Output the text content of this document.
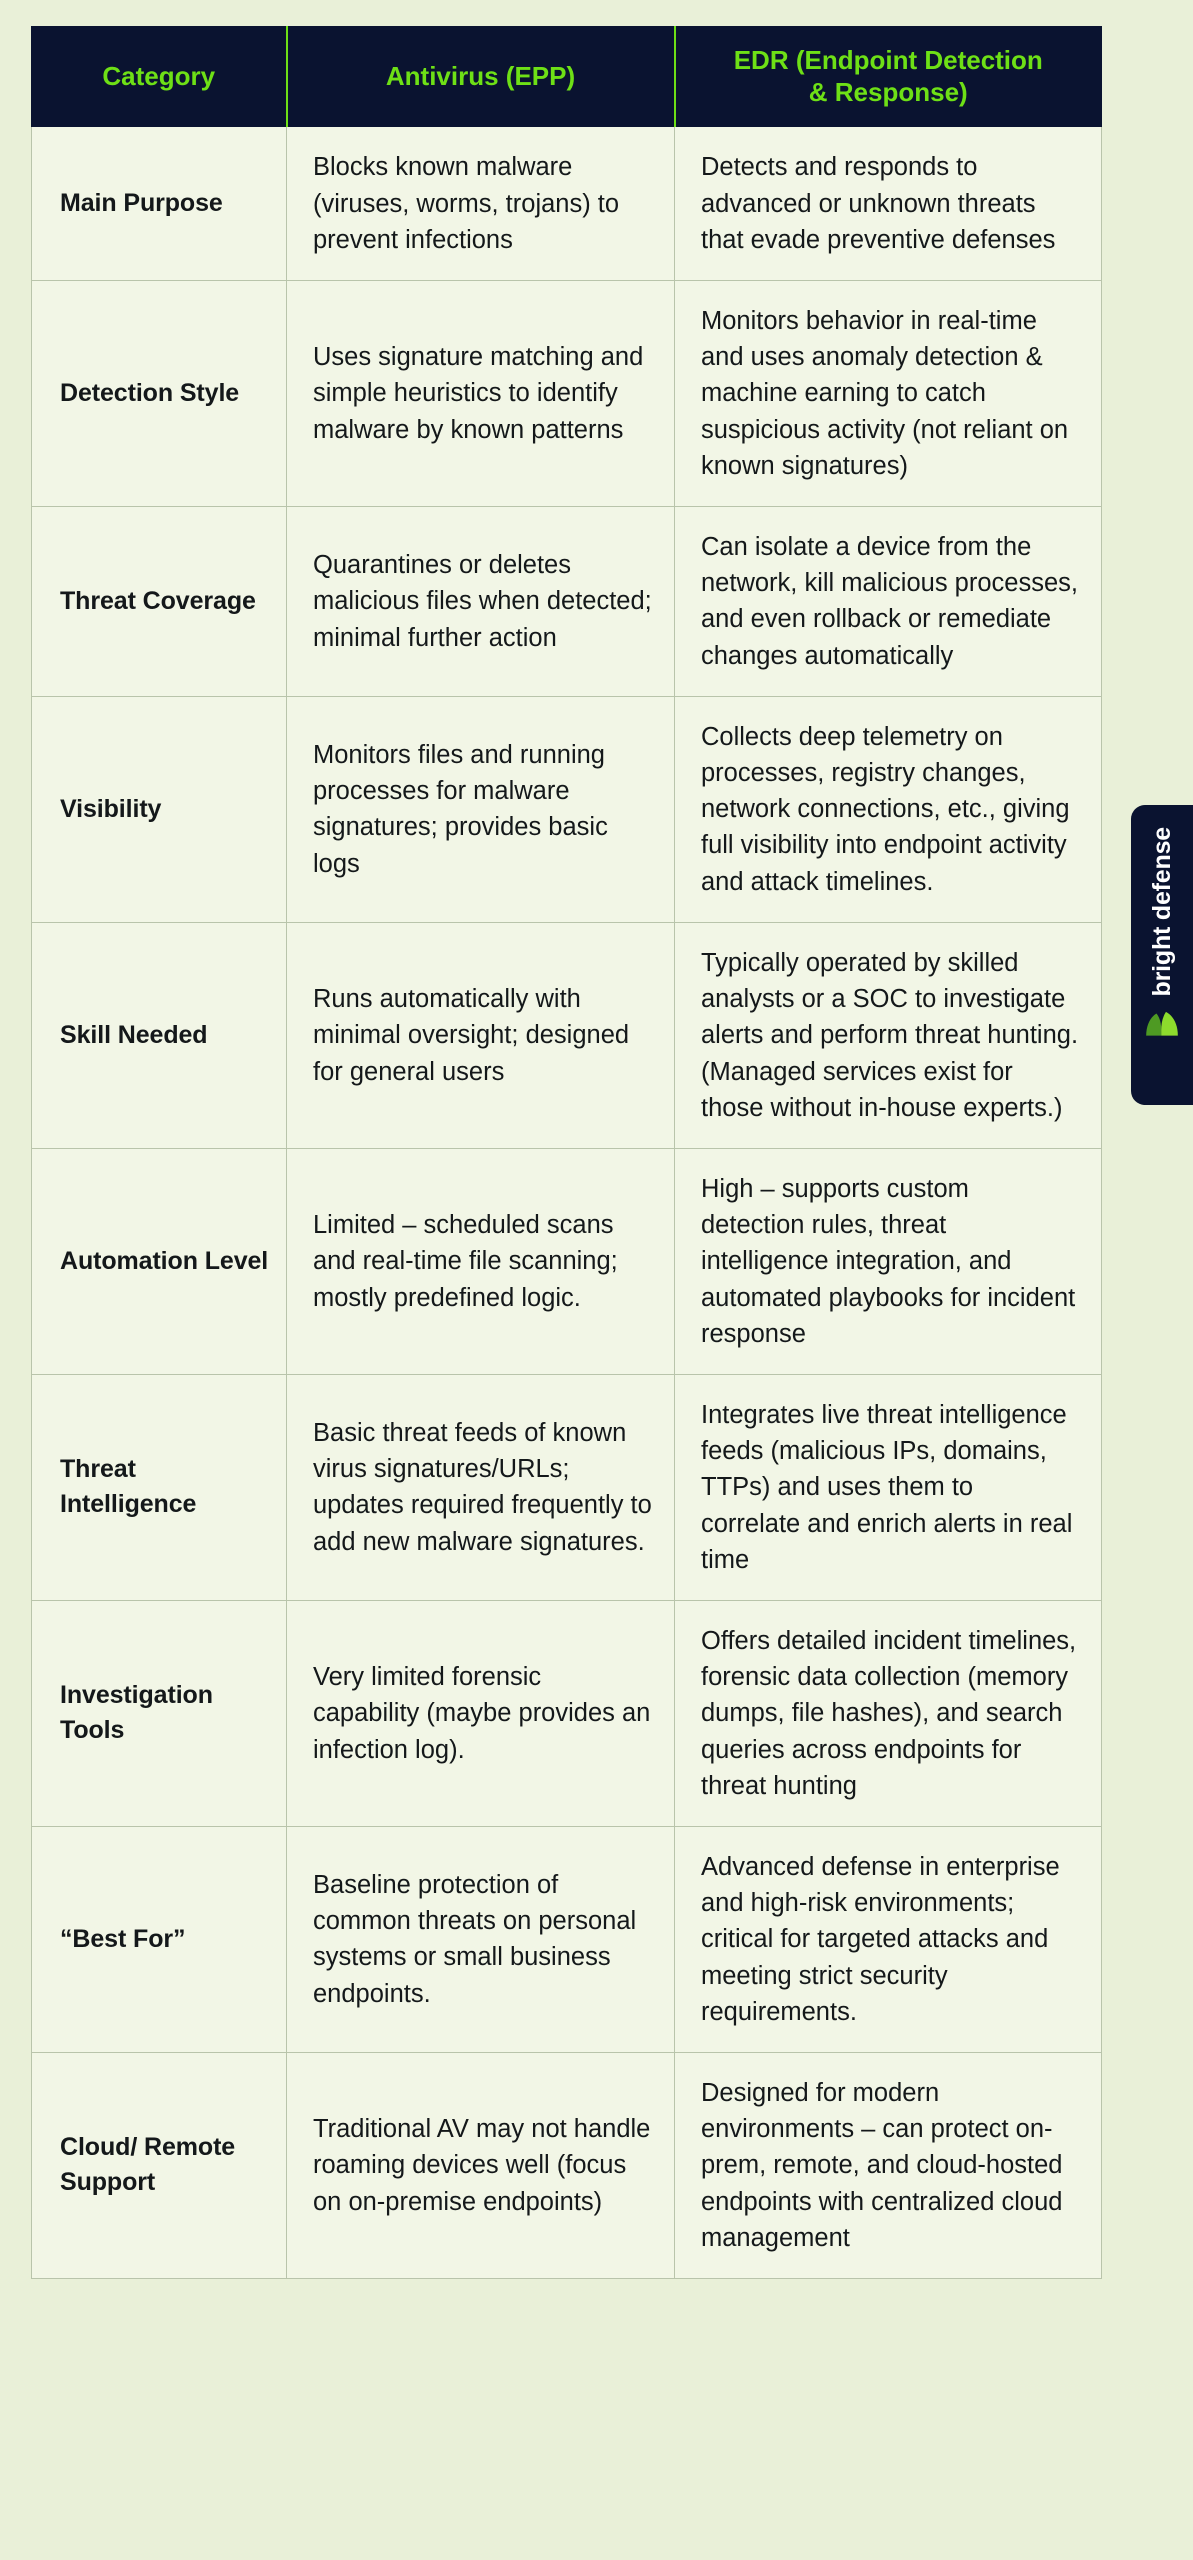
Category	Antivirus (EPP)	EDR (Endpoint Detection
& Response)
Main Purpose	Blocks known malware (viruses, worms, trojans) to prevent infections	Detects and responds to advanced or unknown threats that evade preventive defenses
Detection Style	Uses signature matching and simple heuristics to identify malware by known patterns	Monitors behavior in real-time and uses anomaly detection & machine earning to catch suspicious activity (not reliant on known signatures)
Threat Coverage	Quarantines or deletes malicious files when detected; minimal further action	Can isolate a device from the network, kill malicious processes, and even rollback or remediate changes automatically
Visibility	Monitors files and running processes for malware signatures; provides basic logs	Collects deep telemetry on processes, registry changes, network connections, etc., giving full visibility into endpoint activity and attack timelines.
Skill Needed	Runs automatically with minimal oversight; designed for general users	Typically operated by skilled analysts or a SOC to investigate alerts and perform threat hunting. (Managed services exist for those without in-house experts.)
Automation Level	Limited – scheduled scans and real-time file scanning; mostly predefined logic.	High – supports custom detection rules, threat intelligence integration, and automated playbooks for incident response
Threat Intelligence	Basic threat feeds of known virus signatures/URLs; updates required frequently to add new malware signatures.	Integrates live threat intelligence feeds (malicious IPs, domains, TTPs) and uses them to correlate and enrich alerts in real time
Investigation Tools	Very limited forensic capability (maybe provides an infection log).	Offers detailed incident timelines, forensic data collection (memory dumps, file hashes), and search queries across endpoints for threat hunting
“Best For”	Baseline protection of common threats on personal systems or small business endpoints.	Advanced defense in enterprise and high-risk environments; critical for targeted attacks and meeting strict security requirements.
Cloud/ Remote Support	Traditional AV may not handle roaming devices well (focus on on-premise endpoints)	Designed for modern environments – can protect on-prem, remote, and cloud-hosted endpoints with centralized cloud management
bright defense
